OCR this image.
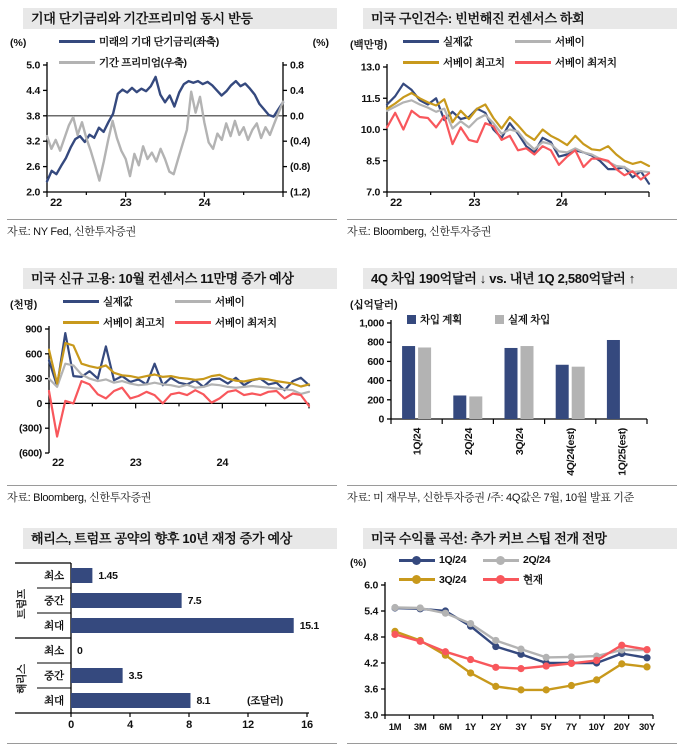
기대 단기금리와 기간프리미엄 동시 반등
(%)	(%)
미래의 기대 단기금리(좌축)
기간 프리미엄(우축)
5.0
4.4
3.8
3.2
2.6
2.0
0.8
0.4
0.0
(0.4)
(0.8)
(1.2)
22	23	24
자료: NY Fed, 신한투자증권
미국 구인건수: 빈번해진 컨센서스 하회
(백만명)	실제값	서베이
서베이 최고치	서베이 최저치
13.0
11.5
10.0
8.5
7.0
22	23	24
자료: Bloomberg, 신한투자증권
미국 신규 고용: 10월 컨센서스 11만명 증가 예상
(천명)	실제값	서베이
서베이 최고치	서베이 최저치
900
600
300
0
(300)
(600)
22	23	24
자료: Bloomberg, 신한투자증권
4Q 차입 190억달러 ↓ vs. 내년 1Q 2,580억달러 ↑
(십억달러)
차입 계획	실제 차입
1,000
800
600
400
200
0
1Q/24	2Q/24	3Q/24	4Q/24(est)	1Q/25(est)
자료: 미 재무부, 신한투자증권 /주: 4Q값은 7월, 10월 발표 기준
해리스, 트럼프 공약의 향후 10년 재정 증가 예상
0	4	8	12	16
트럼프
최소	1.45
중간	7.5
최대	15.1
해리스
최소 0
중간	3.5
최대	8.1	(조달러)
미국 수익률 곡선: 추가 커브 스팁 전개 전망
(%)	1Q/24	2Q/24
3Q/24	현재
6.0
5.4
4.8
4.2
3.6
3.0
1M 3M 6M 1Y 2Y 3Y 5Y 7Y 10Y 20Y 30Y
